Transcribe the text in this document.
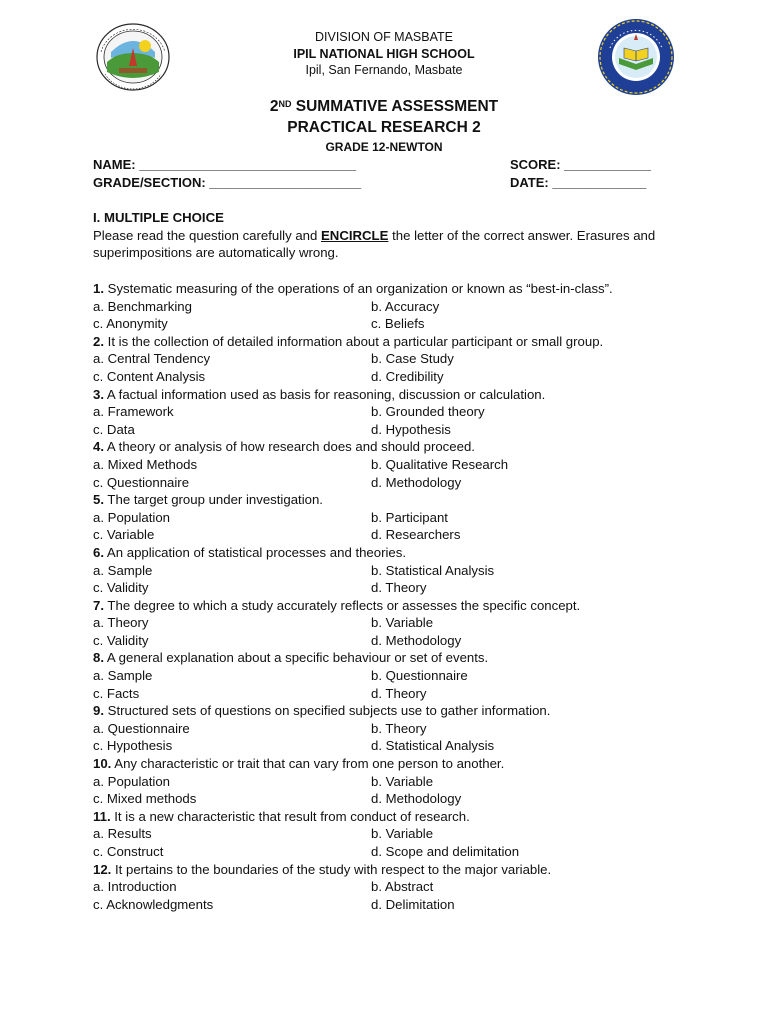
DIVISION OF MASBATE

IPIL NATIONAL HIGH SCHOOL

Ipil, San Fernando, Masbate

2ND SUMMATIVE ASSESSMENT
PRACTICAL RESEARCH 2
GRADE 12-NEWTON
NAME: ______________________________	SCORE: ____________
GRADE/SECTION: _____________________	DATE: _____________
I. MULTIPLE CHOICE

Please read the question carefully and ENCIRCLE the letter of the correct answer. Erasures and superimpositions are automatically wrong.

1. Systematic measuring of the operations of an organization or known as “best-in-class”.
a. Benchmarking	b. Accuracy
c. Anonymity	c. Beliefs
2. It is the collection of detailed information about a particular participant or small group.
a. Central Tendency	b. Case Study
c. Content Analysis	d. Credibility
3. A factual information used as basis for reasoning, discussion or calculation.
a. Framework	b. Grounded theory
c. Data	d. Hypothesis
4. A theory or analysis of how research does and should proceed.
a. Mixed Methods	b. Qualitative Research
c. Questionnaire	d. Methodology
5. The target group under investigation.
a. Population	b. Participant
c. Variable	d. Researchers
6. An application of statistical processes and theories.
a. Sample	b. Statistical Analysis
c. Validity	d. Theory
7. The degree to which a study accurately reflects or assesses the specific concept.
a. Theory	b. Variable
c. Validity	d. Methodology
8. A general explanation about a specific behaviour or set of events.
a. Sample	b. Questionnaire
c. Facts	d. Theory
9. Structured sets of questions on specified subjects use to gather information.
a. Questionnaire	b. Theory
c. Hypothesis	d. Statistical Analysis
10. Any characteristic or trait that can vary from one person to another.
a. Population	b. Variable
c. Mixed methods	d. Methodology
11. It is a new characteristic that result from conduct of research.
a. Results	b. Variable
c. Construct	d. Scope and delimitation
12. It pertains to the boundaries of the study with respect to the major variable.
a. Introduction	b. Abstract
c. Acknowledgments	d. Delimitation
